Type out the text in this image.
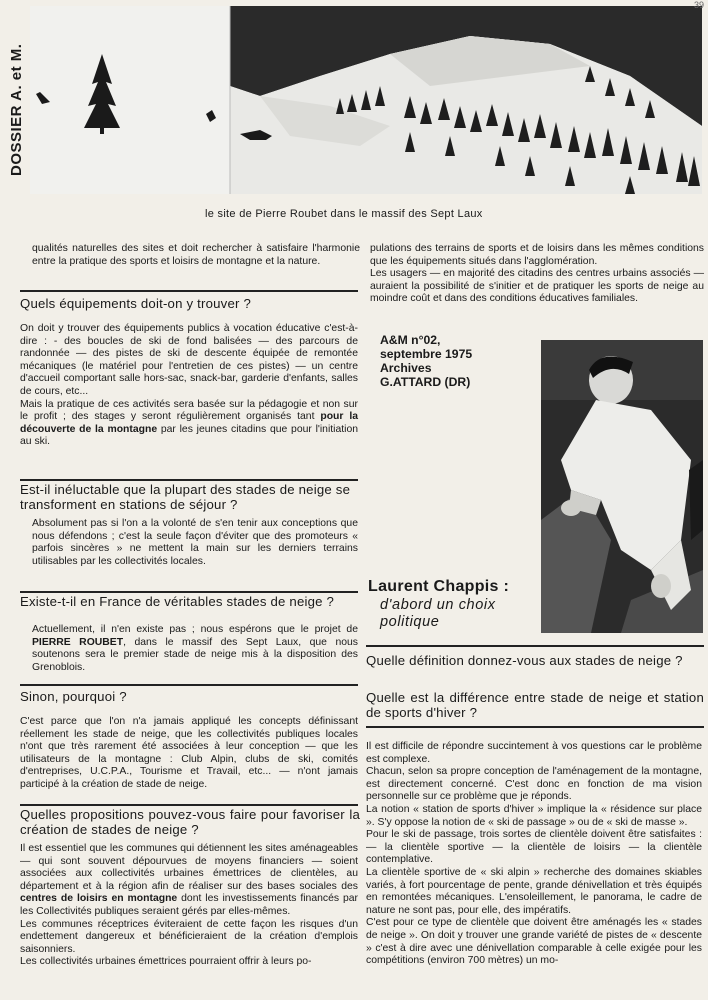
DOSSIER A. et M.
le site de Pierre Roubet dans le massif des Sept Laux

qualités naturelles des sites et doit rechercher à satisfaire l'harmonie entre la pratique des sports et loisirs de montagne et la nature.

Quels équipements doit-on y trouver ?

On doit y trouver des équipements publics à vocation éducative c'est-à-dire : - des boucles de ski de fond balisées — des parcours de randonnée — des pistes de ski de descente équipée de remontée mécaniques (le matériel pour l'entretien de ces pistes) — un centre d'accueil comportant salle hors-sac, snack-bar, garderie d'enfants, salles de cours, etc...

Mais la pratique de ces activités sera basée sur la pédagogie et non sur le profit ; des stages y seront régulièrement organisés tant pour la découverte de la montagne par les jeunes citadins que pour l'initiation au ski.

Est-il inéluctable que la plupart des stades de neige se transforment en stations de séjour ?

Absolument pas si l'on a la volonté de s'en tenir aux conceptions que nous défendons ; c'est la seule façon d'éviter que des promoteurs « parfois sincères » ne mettent la main sur les derniers terrains utilisables par les collectivités locales.

Existe-t-il en France de véritables stades de neige ?

Actuellement, il n'en existe pas ; nous espérons que le projet de PIERRE ROUBET, dans le massif des Sept Laux, que nous soutenons sera le premier stade de neige mis à la disposition des Grenoblois.

Sinon, pourquoi ?

C'est parce que l'on n'a jamais appliqué les concepts définissant réellement les stade de neige, que les collectivités publiques locales n'ont que très rarement été associées à leur conception — que les utilisateurs de la montagne : Club Alpin, clubs de ski, comités d'entreprises, U.C.P.A., Tourisme et Travail, etc... — n'ont jamais participé à la création de stade de neige.

Quelles propositions pouvez-vous faire pour favoriser la création de stades de neige ?

Il est essentiel que les communes qui détiennent les sites aménageables — qui sont souvent dépourvues de moyens financiers — soient associées aux collectivités urbaines émettrices de clientèles, au département et à la région afin de réaliser sur des bases sociales des centres de loisirs en montagne dont les investissements financés par les Collectivités publiques seraient gérés par elles-mêmes.

Les communes réceptrices éviteraient de cette façon les risques d'un endettement dangereux et bénéficieraient de la création d'emplois saisonniers.

Les collectivités urbaines émettrices pourraient offrir à leurs po-

pulations des terrains de sports et de loisirs dans les mêmes conditions que les équipements situés dans l'agglomération.

Les usagers — en majorité des citadins des centres urbains associés — auraient la possibilité de s'initier et de pratiquer les sports de neige au moindre coût et dans des conditions éducatives familiales.

A&M n°02,
septembre 1975
Archives
G.ATTARD (DR)
Laurent Chappis :
d'abord un choix
politique
Quelle définition donnez-vous aux stades de neige ?
Quelle est la différence entre stade de neige et station de sports d'hiver ?

Il est difficile de répondre succintement à vos questions car le problème est complexe.

Chacun, selon sa propre conception de l'aménagement de la montagne, est directement concerné. C'est donc en fonction de ma vision personnelle sur ce problème que je réponds.

La notion « station de sports d'hiver » implique la « résidence sur place ». S'y oppose la notion de « ski de passage » ou de « ski de masse ».

Pour le ski de passage, trois sortes de clientèle doivent être satisfaites : — la clientèle sportive — la clientèle de loisirs — la clientèle contemplative.

La clientèle sportive de « ski alpin » recherche des domaines skiables variés, à fort pourcentage de pente, grande dénivellation et très équipés en remontées mécaniques. L'ensoleillement, le panorama, le cadre de nature ne sont pas, pour elle, des impératifs.

C'est pour ce type de clientèle que doivent être aménagés les « stades de neige ». On doit y trouver une grande variété de pistes de « descente » c'est à dire avec une dénivellation comparable à celle exigée pour les compétitions (environ 700 mètres) un mo-

39
